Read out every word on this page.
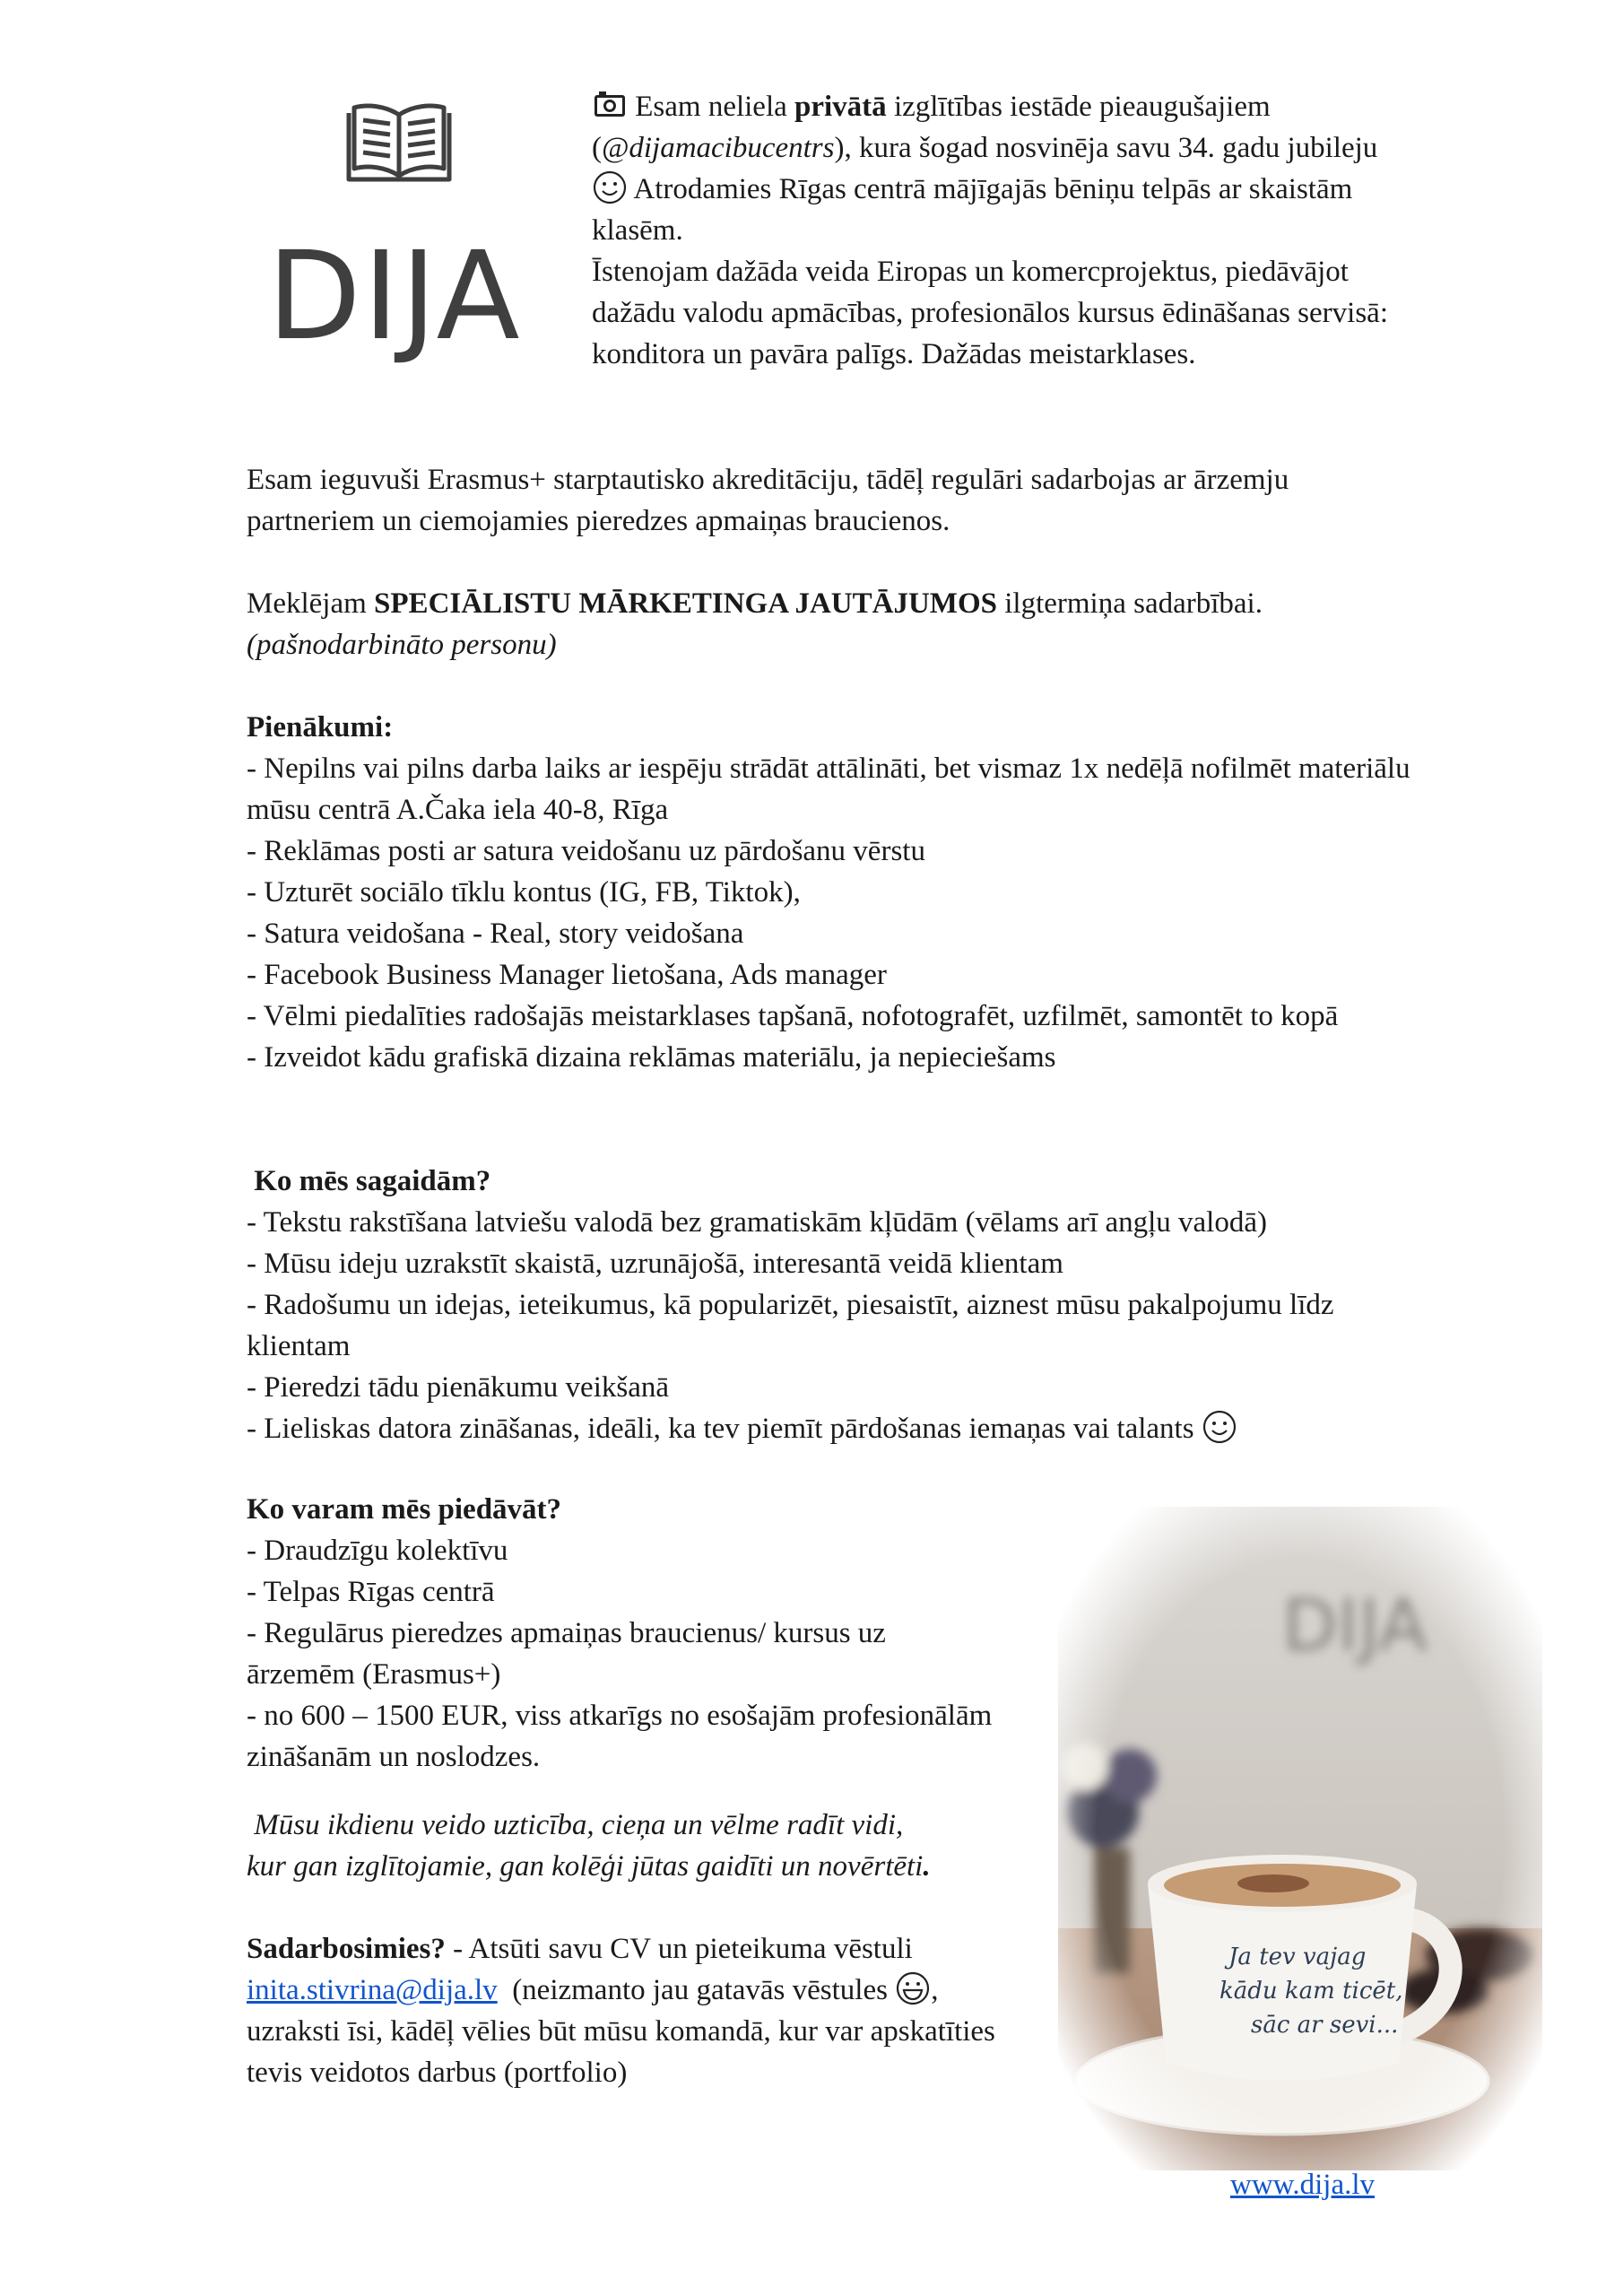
DIJA
Esam neliela privātā izglītības iestāde pieaugušajiem (@dijamacibucentrs), kura šogad nosvinēja savu 34. gadu jubileju  Atrodamies Rīgas centrā mājīgajās bēniņu telpās ar skaistām klasēm.
Īstenojam dažāda veida Eiropas un komercprojektus, piedāvājot dažādu valodu apmācības, profesionālos kursus ēdināšanas servisā: konditora un pavāra palīgs. Dažādas meistarklases.
Esam ieguvuši Erasmus+ starptautisko akreditāciju, tādēļ regulāri sadarbojas ar ārzemju partneriem un ciemojamies pieredzes apmaiņas braucienos.
Meklējam SPECIĀLISTU MĀRKETINGA JAUTĀJUMOS ilgtermiņa sadarbībai.
(pašnodarbināto personu)
Pienākumi:
- Nepilns vai pilns darba laiks ar iespēju strādāt attālināti, bet vismaz 1x nedēļā nofilmēt materiālu mūsu centrā A.Čaka iela 40-8, Rīga
- Reklāmas posti ar satura veidošanu uz pārdošanu vērstu
- Uzturēt sociālo tīklu kontus (IG, FB, Tiktok),
- Satura veidošana - Real, story veidošana
- Facebook Business Manager lietošana, Ads manager
- Vēlmi piedalīties radošajās meistarklases tapšanā, nofotografēt, uzfilmēt, samontēt to kopā
- Izveidot kādu grafiskā dizaina reklāmas materiālu, ja nepieciešams
Ko mēs sagaidām?
- Tekstu rakstīšana latviešu valodā bez gramatiskām kļūdām (vēlams arī angļu valodā)
- Mūsu ideju uzrakstīt skaistā, uzrunājošā, interesantā veidā klientam
- Radošumu un idejas, ieteikumus, kā popularizēt, piesaistīt, aiznest mūsu pakalpojumu līdz klientam
- Pieredzi tādu pienākumu veikšanā
- Lieliskas datora zināšanas, ideāli, ka tev piemīt pārdošanas iemaņas vai talants
Ko varam mēs piedāvāt?
- Draudzīgu kolektīvu
- Telpas Rīgas centrā
- Regulārus pieredzes apmaiņas braucienus/ kursus uz ārzemēm (Erasmus+)
- no 600 – 1500 EUR, viss atkarīgs no esošajām profesionālām zināšanām un noslodzes.
Mūsu ikdienu veido uzticība, cieņa un vēlme radīt vidi,
kur gan izglītojamie, gan kolēģi jūtas gaidīti un novērtēti.
Sadarbosimies? - Atsūti savu CV un pieteikuma vēstuli inita.stivrina@dija.lv  (neizmanto jau gatavās vēstules , uzraksti īsi, kādēļ vēlies būt mūsu komandā, kur var apskatīties tevis veidotos darbus (portfolio)
www.dija.lv
